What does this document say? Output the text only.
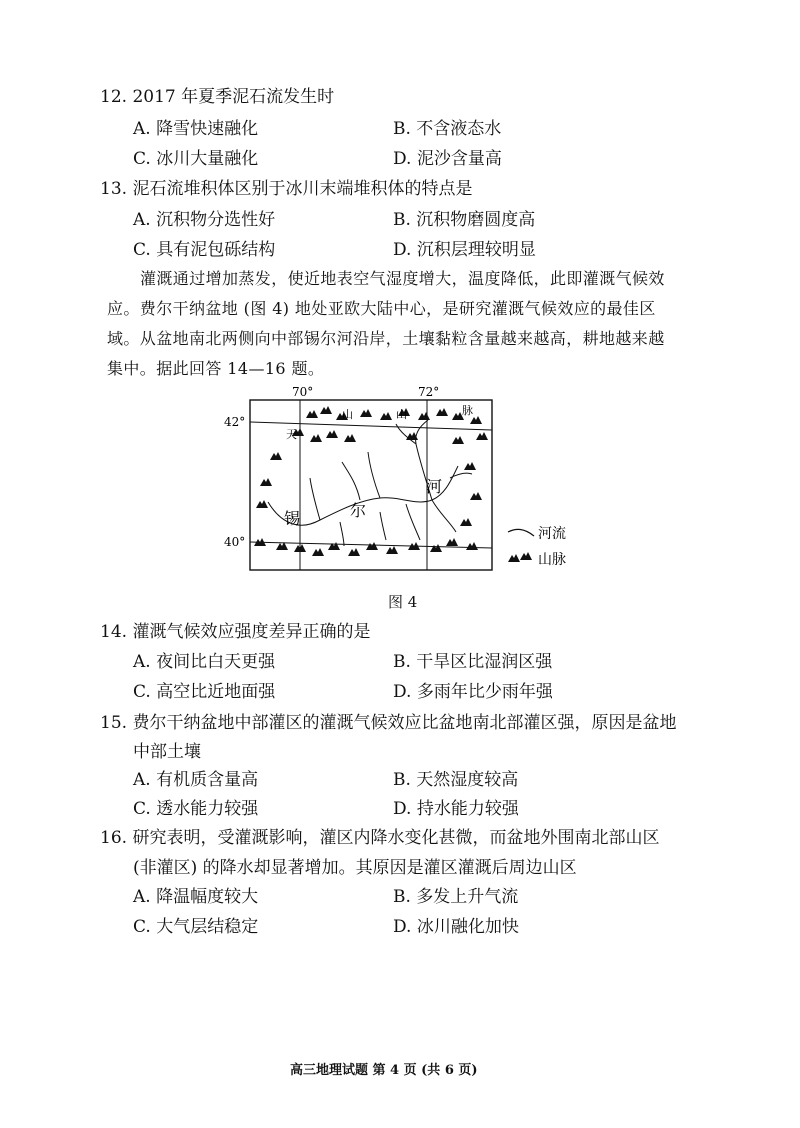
12. 2017 年夏季泥石流发生时
A. 降雪快速融化	B. 不含液态水
C. 冰川大量融化	D. 泥沙含量高
13. 泥石流堆积体区别于冰川末端堆积体的特点是
A. 沉积物分选性好	B. 沉积物磨圆度高
C. 具有泥包砾结构	D. 沉积层理较明显
灌溉通过增加蒸发，使近地表空气湿度增大，温度降低，此即灌溉气候效
应。费尔干纳盆地 (图 4) 地处亚欧大陆中心，是研究灌溉气候效应的最佳区
域。从盆地南北两侧向中部锡尔河沿岸，土壤黏粒含量越来越高，耕地越来越
集中。据此回答 14—16 题。
70°	72°
42°
40°
天
山	山	脉
锡	尔
河
河流
山脉
图 4
14. 灌溉气候效应强度差异正确的是
A. 夜间比白天更强	B. 干旱区比湿润区强
C. 高空比近地面强	D. 多雨年比少雨年强
15. 费尔干纳盆地中部灌区的灌溉气候效应比盆地南北部灌区强，原因是盆地
中部土壤
A. 有机质含量高	B. 天然湿度较高
C. 透水能力较强	D. 持水能力较强
16. 研究表明，受灌溉影响，灌区内降水变化甚微，而盆地外围南北部山区
(非灌区) 的降水却显著增加。其原因是灌区灌溉后周边山区
A. 降温幅度较大	B. 多发上升气流
C. 大气层结稳定	D. 冰川融化加快
高三地理试题 第 4 页 (共 6 页)
